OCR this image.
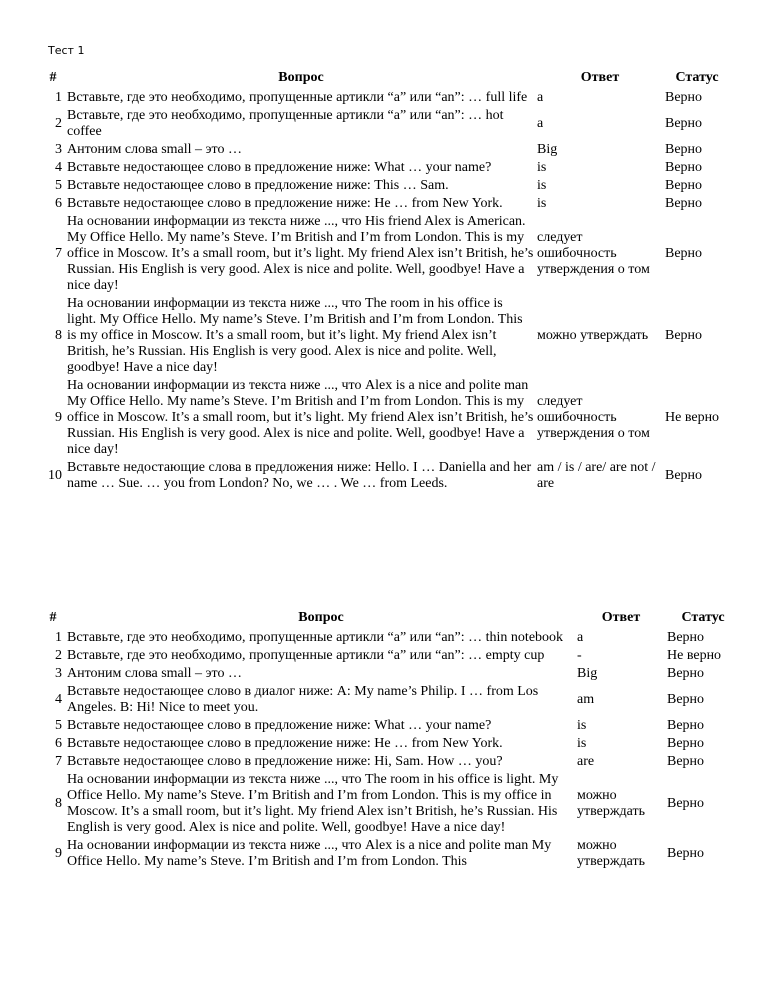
Тест 1
#	Вопрос	Ответ	Статус
1	Вставьте, где это необходимо, пропущенные артикли “a” или “an”: … full life	a	Верно
2	Вставьте, где это необходимо, пропущенные артикли “a” или “an”: … hot coffee	a	Верно
3	Антоним слова small – это …	Big	Верно
4	Вставьте недостающее слово в предложение ниже: What … your name?	is	Верно
5	Вставьте недостающее слово в предложение ниже: This … Sam.	is	Верно
6	Вставьте недостающее слово в предложение ниже: He … from New York.	is	Верно
7	На основании информации из текста ниже ..., что His friend Alex is American. My Office Hello. My name’s Steve. I’m British and I’m from London. This is my office in Moscow. It’s a small room, but it’s light. My friend Alex isn’t British, he’s Russian. His English is very good. Alex is nice and polite. Well, goodbye! Have a nice day!	следует ошибочность утверждения о том	Верно
8	На основании информации из текста ниже ..., что The room in his office is light. My Office Hello. My name’s Steve. I’m British and I’m from London. This is my office in Moscow. It’s a small room, but it’s light. My friend Alex isn’t British, he’s Russian. His English is very good. Alex is nice and polite. Well, goodbye! Have a nice day!	можно утверждать	Верно
9	На основании информации из текста ниже ..., что Alex is a nice and polite man My Office Hello. My name’s Steve. I’m British and I’m from London. This is my office in Moscow. It’s a small room, but it’s light. My friend Alex isn’t British, he’s Russian. His English is very good. Alex is nice and polite. Well, goodbye! Have a nice day!	следует ошибочность утверждения о том	Не верно
10	Вставьте недостающие слова в предложения ниже: Hello. I … Daniella and her name … Sue. … you from London? No, we … . We … from Leeds.	am / is / are/ are not / are	Верно
#	Вопрос	Ответ	Статус
1	Вставьте, где это необходимо, пропущенные артикли “a” или “an”: … thin notebook	a	Верно
2	Вставьте, где это необходимо, пропущенные артикли “a” или “an”: … empty cup	-	Не верно
3	Антоним слова small – это …	Big	Верно
4	Вставьте недостающее слово в диалог ниже: A: My name’s Philip. I … from Los Angeles. B: Hi! Nice to meet you.	am	Верно
5	Вставьте недостающее слово в предложение ниже: What … your name?	is	Верно
6	Вставьте недостающее слово в предложение ниже: He … from New York.	is	Верно
7	Вставьте недостающее слово в предложение ниже: Hi, Sam. How … you?	are	Верно
8	На основании информации из текста ниже ..., что The room in his office is light. My Office Hello. My name’s Steve. I’m British and I’m from London. This is my office in Moscow. It’s a small room, but it’s light. My friend Alex isn’t British, he’s Russian. His English is very good. Alex is nice and polite. Well, goodbye! Have a nice day!	можно утверждать	Верно
9	На основании информации из текста ниже ..., что Alex is a nice and polite man My Office Hello. My name’s Steve. I’m British and I’m from London. This	можно утверждать	Верно
